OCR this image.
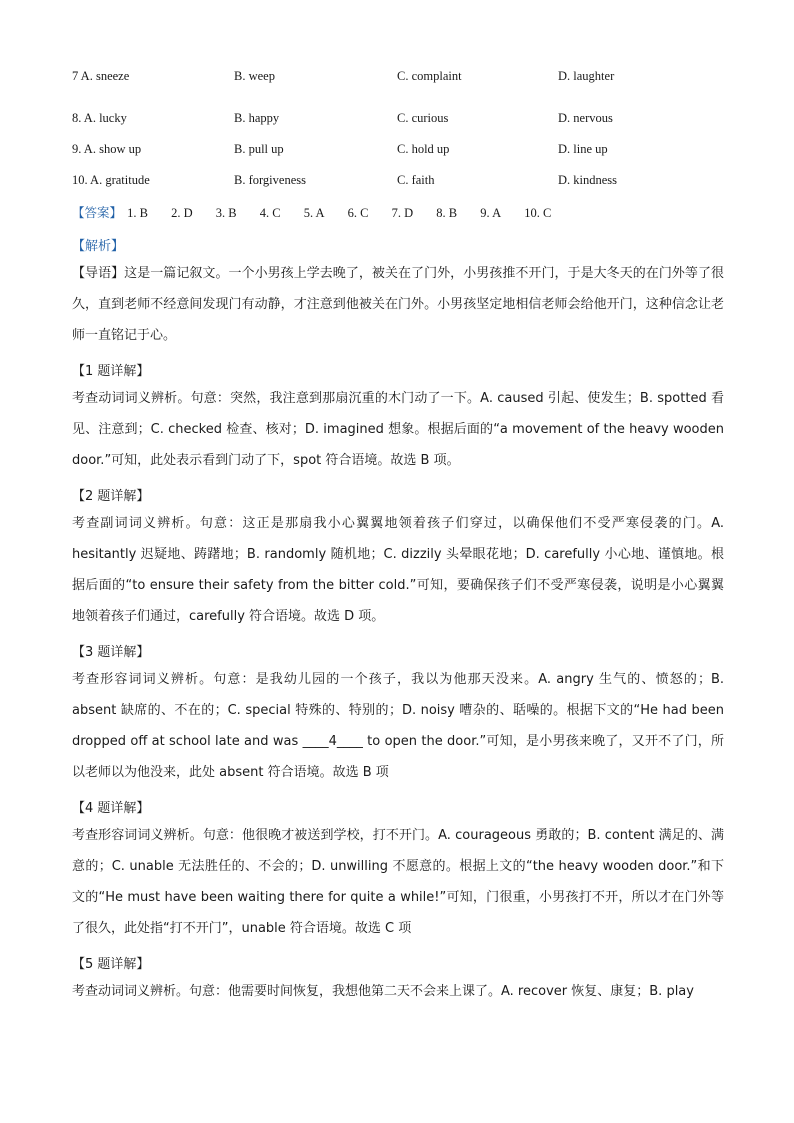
7 A. sneeze	B. weep	C. complaint	D. laughter
8. A. lucky	B. happy	C. curious	D. nervous
9. A. show up	B. pull up	C. hold up	D. line up
10. A. gratitude	B. forgiveness	C. faith	D. kindness
【答案】 1. B 2. D 3. B 4. C 5. A 6. C 7. D 8. B 9. A 10. C
【解析】
【导语】这是一篇记叙文。一个小男孩上学去晚了，被关在了门外，小男孩推不开门，于是大冬天的在门外等了很久，直到老师不经意间发现门有动静，才注意到他被关在门外。小男孩坚定地相信老师会给他开门，这种信念让老师一直铭记于心。
【1 题详解】
考查动词词义辨析。句意：突然，我注意到那扇沉重的木门动了一下。A. caused 引起、使发生；B. spotted 看见、注意到；C. checked 检查、核对；D. imagined 想象。根据后面的“a movement of the heavy wooden door.”可知，此处表示看到门动了下，spot 符合语境。故选 B 项。
【2 题详解】
考查副词词义辨析。句意：这正是那扇我小心翼翼地领着孩子们穿过，以确保他们不受严寒侵袭的门。A. hesitantly 迟疑地、踌躇地；B. randomly 随机地；C. dizzily 头晕眼花地；D. carefully 小心地、谨慎地。根据后面的“to ensure their safety from the bitter cold.”可知，要确保孩子们不受严寒侵袭，说明是小心翼翼地领着孩子们通过，carefully 符合语境。故选 D 项。
【3 题详解】
考查形容词词义辨析。句意：是我幼儿园的一个孩子，我以为他那天没来。A. angry 生气的、愤怒的；B. absent 缺席的、不在的；C. special 特殊的、特别的；D. noisy 嘈杂的、聒噪的。根据下文的“He had been dropped off at school late and was ____4____ to open the door.”可知，是小男孩来晚了，又开不了门，所以老师以为他没来，此处 absent 符合语境。故选 B 项
【4 题详解】
考查形容词词义辨析。句意：他很晚才被送到学校，打不开门。A. courageous 勇敢的；B. content 满足的、满意的；C. unable 无法胜任的、不会的；D. unwilling 不愿意的。根据上文的“the heavy wooden door.”和下文的“He must have been waiting there for quite a while!”可知，门很重，小男孩打不开，所以才在门外等了很久，此处指“打不开门”，unable 符合语境。故选 C 项
【5 题详解】
考查动词词义辨析。句意：他需要时间恢复，我想他第二天不会来上课了。A. recover 恢复、康复；B. play
